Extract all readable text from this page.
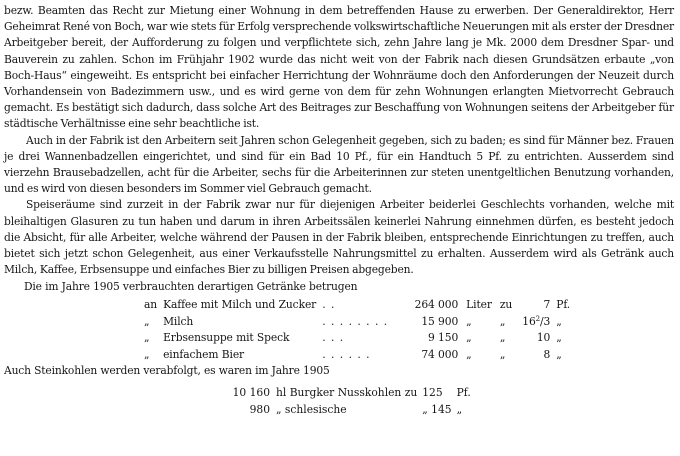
bezw. Beamten das Recht zur Mietung einer Wohnung in dem betreffenden Hause zu erwerben. Der Generaldirektor, Herr Geheimrat René von Boch, war wie stets für Erfolg versprechende volkswirtschaftliche Neuerungen mit als erster der Dresdner Arbeitgeber bereit, der Aufforderung zu folgen und verpflichtete sich, zehn Jahre lang je Mk. 2000 dem Dresdner Spar- und Bauverein zu zahlen. Schon im Frühjahr 1902 wurde das nicht weit von der Fabrik nach diesen Grundsätzen erbaute „von Boch-Haus“ eingeweiht. Es entspricht bei einfacher Herrichtung der Wohnräume doch den Anforderungen der Neuzeit durch Vorhandensein von Badezimmern usw., und es wird gerne von dem für zehn Wohnungen erlangten Mietvorrecht Gebrauch gemacht. Es bestätigt sich dadurch, dass solche Art des Beitrages zur Beschaffung von Wohnungen seitens der Arbeitgeber für städtische Verhältnisse eine sehr beachtliche ist.

Auch in der Fabrik ist den Arbeitern seit Jahren schon Gelegenheit gegeben, sich zu baden; es sind für Männer bez. Frauen je drei Wannenbadzellen eingerichtet, und sind für ein Bad 10 Pf., für ein Handtuch 5 Pf. zu entrichten. Ausserdem sind vierzehn Brausebadzellen, acht für die Arbeiter, sechs für die Arbeiterinnen zur steten unentgeltlichen Benutzung vorhanden, und es wird von diesen besonders im Sommer viel Gebrauch gemacht.

Speiseräume sind zurzeit in der Fabrik zwar nur für diejenigen Arbeiter beiderlei Geschlechts vorhanden, welche mit bleihaltigen Glasuren zu tun haben und darum in ihren Arbeitssälen keinerlei Nahrung einnehmen dürfen, es besteht jedoch die Absicht, für alle Arbeiter, welche während der Pausen in der Fabrik bleiben, entsprechende Einrichtungen zu treffen, auch bietet sich jetzt schon Gelegenheit, aus einer Verkaufsstelle Nahrungsmittel zu erhalten. Ausserdem wird als Getränk auch Milch, Kaffee, Erbsensuppe und einfaches Bier zu billigen Preisen abgegeben.

Die im Jahre 1905 verbrauchten derartigen Getränke betrugen

an	Kaffee mit Milch und Zucker	. .	264 000	Liter	zu	7	Pf.
„	Milch	. . . . . . . .	15 900	„	„	$16^2/3$	„
„	Erbsensuppe mit Speck	. . .	9 150	„	„	10	„
„	einfachem Bier	. . . . . .	74 000	„	„	8	„

Auch Steinkohlen werden verabfolgt, es waren im Jahre 1905

10 160	hl Burgker Nusskohlen zu	125	Pf.
980	„ schlesische	„ 145	„
